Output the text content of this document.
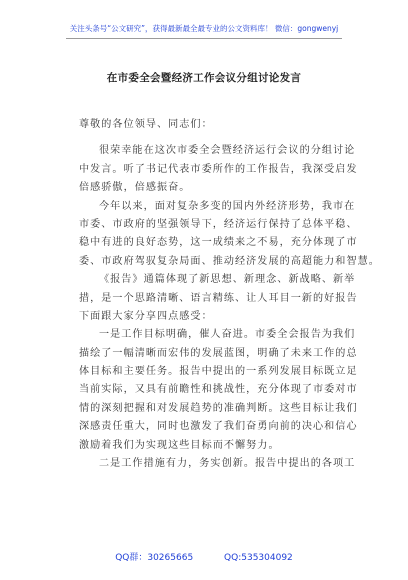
关注头条号“公文研究”，获得最新最全最专业的公文资料库！ 微信：gongwenyj
在市委全会暨经济工作会议分组讨论发言
尊敬的各位领导、同志们：
很荣幸能在这次市委全会暨经济运行会议的分组讨论
中发言。听了书记代表市委所作的工作报告，我深受启发
倍感骄傲，倍感振奋。
今年以来，面对复杂多变的国内外经济形势，我市在
市委、市政府的坚强领导下，经济运行保持了总体平稳、
稳中有进的良好态势，这一成绩来之不易，充分体现了市
委、市政府驾驭复杂局面、推动经济发展的高超能力和智慧。
《报告》通篇体现了新思想、新理念、新战略、新举
措，是一个思路清晰、语言精练、让人耳目一新的好报告
下面跟大家分享四点感受：
一是工作目标明确，催人奋进。市委全会报告为我们
描绘了一幅清晰而宏伟的发展蓝图，明确了未来工作的总
体目标和主要任务。报告中提出的一系列发展目标既立足
当前实际，又具有前瞻性和挑战性，充分体现了市委对市
情的深刻把握和对发展趋势的准确判断。这些目标让我们
深感责任重大，同时也激发了我们奋勇向前的决心和信心
激励着我们为实现这些目标而不懈努力。
二是工作措施有力，务实创新。报告中提出的各项工
QQ群：30265665	QQ:535304092
